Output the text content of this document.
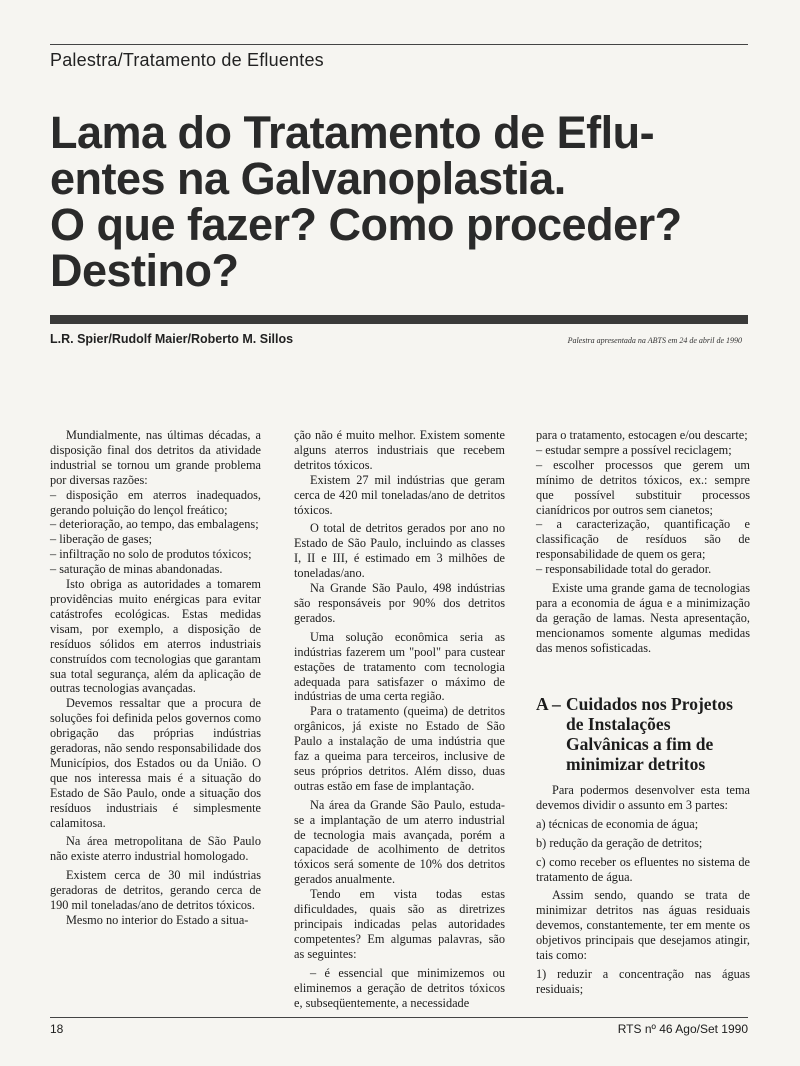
Palestra/Tratamento de Efluentes
Lama do Tratamento de Eflu-
entes na Galvanoplastia.
O que fazer? Como proceder?
Destino?
L.R. Spier/Rudolf Maier/Roberto M. Sillos	Palestra apresentada na ABTS em 24 de abril de 1990

Mundialmente, nas últimas décadas, a disposição final dos detritos da atividade industrial se tornou um grande problema por diversas razões:

– disposição em aterros inadequados, gerando poluição do lençol freático;

– deterioração, ao tempo, das embalagens;

– liberação de gases;

– infiltração no solo de produtos tóxicos;

– saturação de minas abandonadas.

Isto obriga as autoridades a tomarem providências muito enérgicas para evitar catástrofes ecológicas. Estas medidas visam, por exemplo, a disposição de resíduos sólidos em aterros industriais construídos com tecnologias que garantam sua total segurança, além da aplicação de outras tecnologias avançadas.

Devemos ressaltar que a procura de soluções foi definida pelos governos como obrigação das próprias indústrias geradoras, não sendo responsabilidade dos Municípios, dos Estados ou da União. O que nos interessa mais é a situação do Estado de São Paulo, onde a situação dos resíduos industriais é simplesmente calamitosa.

Na área metropolitana de São Paulo não existe aterro industrial homologado.

Existem cerca de 30 mil indústrias geradoras de detritos, gerando cerca de 190 mil toneladas/ano de detritos tóxicos.

Mesmo no interior do Estado a situa-

ção não é muito melhor. Existem somente alguns aterros industriais que recebem detritos tóxicos.

Existem 27 mil indústrias que geram cerca de 420 mil toneladas/ano de detritos tóxicos.

O total de detritos gerados por ano no Estado de São Paulo, incluindo as classes I, II e III, é estimado em 3 milhões de toneladas/ano.

Na Grande São Paulo, 498 indústrias são responsáveis por 90% dos detritos gerados.

Uma solução econômica seria as indústrias fazerem um "pool" para custear estações de tratamento com tecnologia adequada para satisfazer o máximo de indústrias de uma certa região.

Para o tratamento (queima) de detritos orgânicos, já existe no Estado de São Paulo a instalação de uma indústria que faz a queima para terceiros, inclusive de seus próprios detritos. Além disso, duas outras estão em fase de implantação.

Na área da Grande São Paulo, estuda-se a implantação de um aterro industrial de tecnologia mais avançada, porém a capacidade de acolhimento de detritos tóxicos será somente de 10% dos detritos gerados anualmente.

Tendo em vista todas estas dificuldades, quais são as diretrizes principais indicadas pelas autoridades competentes? Em algumas palavras, são as seguintes:

– é essencial que minimizemos ou eliminemos a geração de detritos tóxicos e, subseqüentemente, a necessidade

para o tratamento, estocagen e/ou descarte;

– estudar sempre a possível reciclagem;

– escolher processos que gerem um mínimo de detritos tóxicos, ex.: sempre que possível substituir processos cianídricos por outros sem cianetos;

– a caracterização, quantificação e classificação de resíduos são de responsabilidade de quem os gera;

– responsabilidade total do gerador.

Existe uma grande gama de tecnologias para a economia de água e a minimização da geração de lamas. Nesta apresentação, mencionamos somente algumas medidas das menos sofisticadas.

A – Cuidados nos Projetos de Instalações Galvânicas a fim de minimizar detritos

Para podermos desenvolver esta tema devemos dividir o assunto em 3 partes:

a) técnicas de economia de água;

b) redução da geração de detritos;

c) como receber os efluentes no sistema de tratamento de água.

Assim sendo, quando se trata de minimizar detritos nas águas residuais devemos, constantemente, ter em mente os objetivos principais que desejamos atingir, tais como:

1) reduzir a concentração nas águas residuais;

18	RTS nº 46 Ago/Set 1990
